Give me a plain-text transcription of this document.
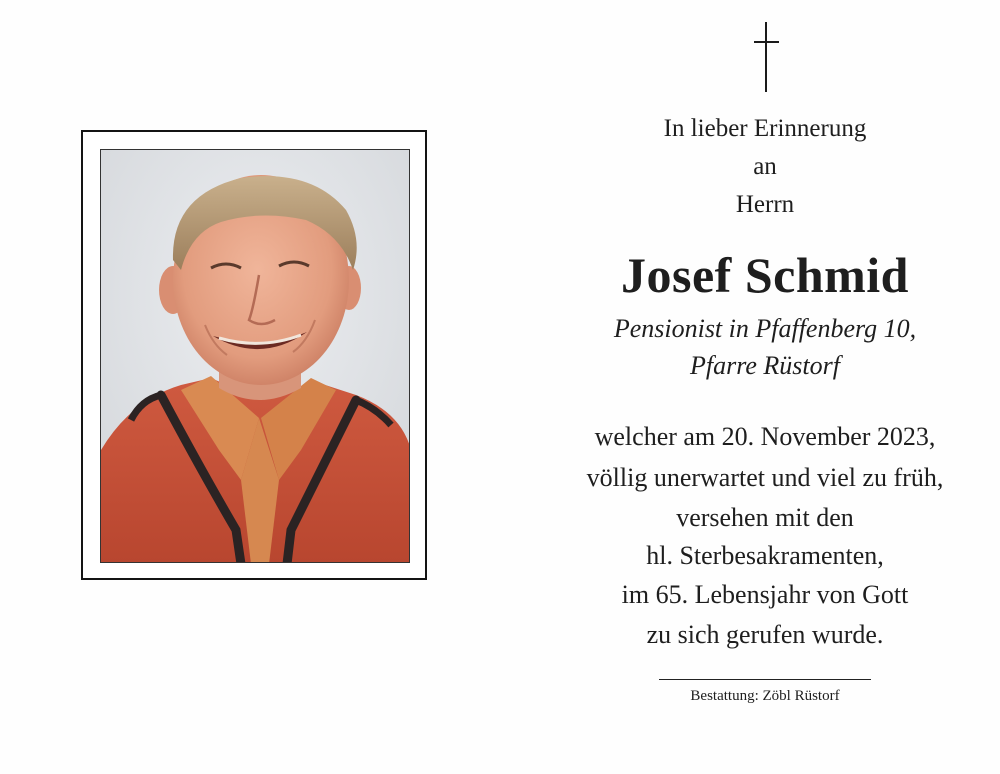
In lieber Erinnerung
an
Herrn
Josef Schmid
Pensionist in Pfaffenberg 10,
Pfarre Rüstorf
welcher am 20. November 2023,
völlig unerwartet und viel zu früh,
versehen mit den
hl. Sterbesakramenten,
im 65. Lebensjahr von Gott
zu sich gerufen wurde.
Bestattung: Zöbl Rüstorf
